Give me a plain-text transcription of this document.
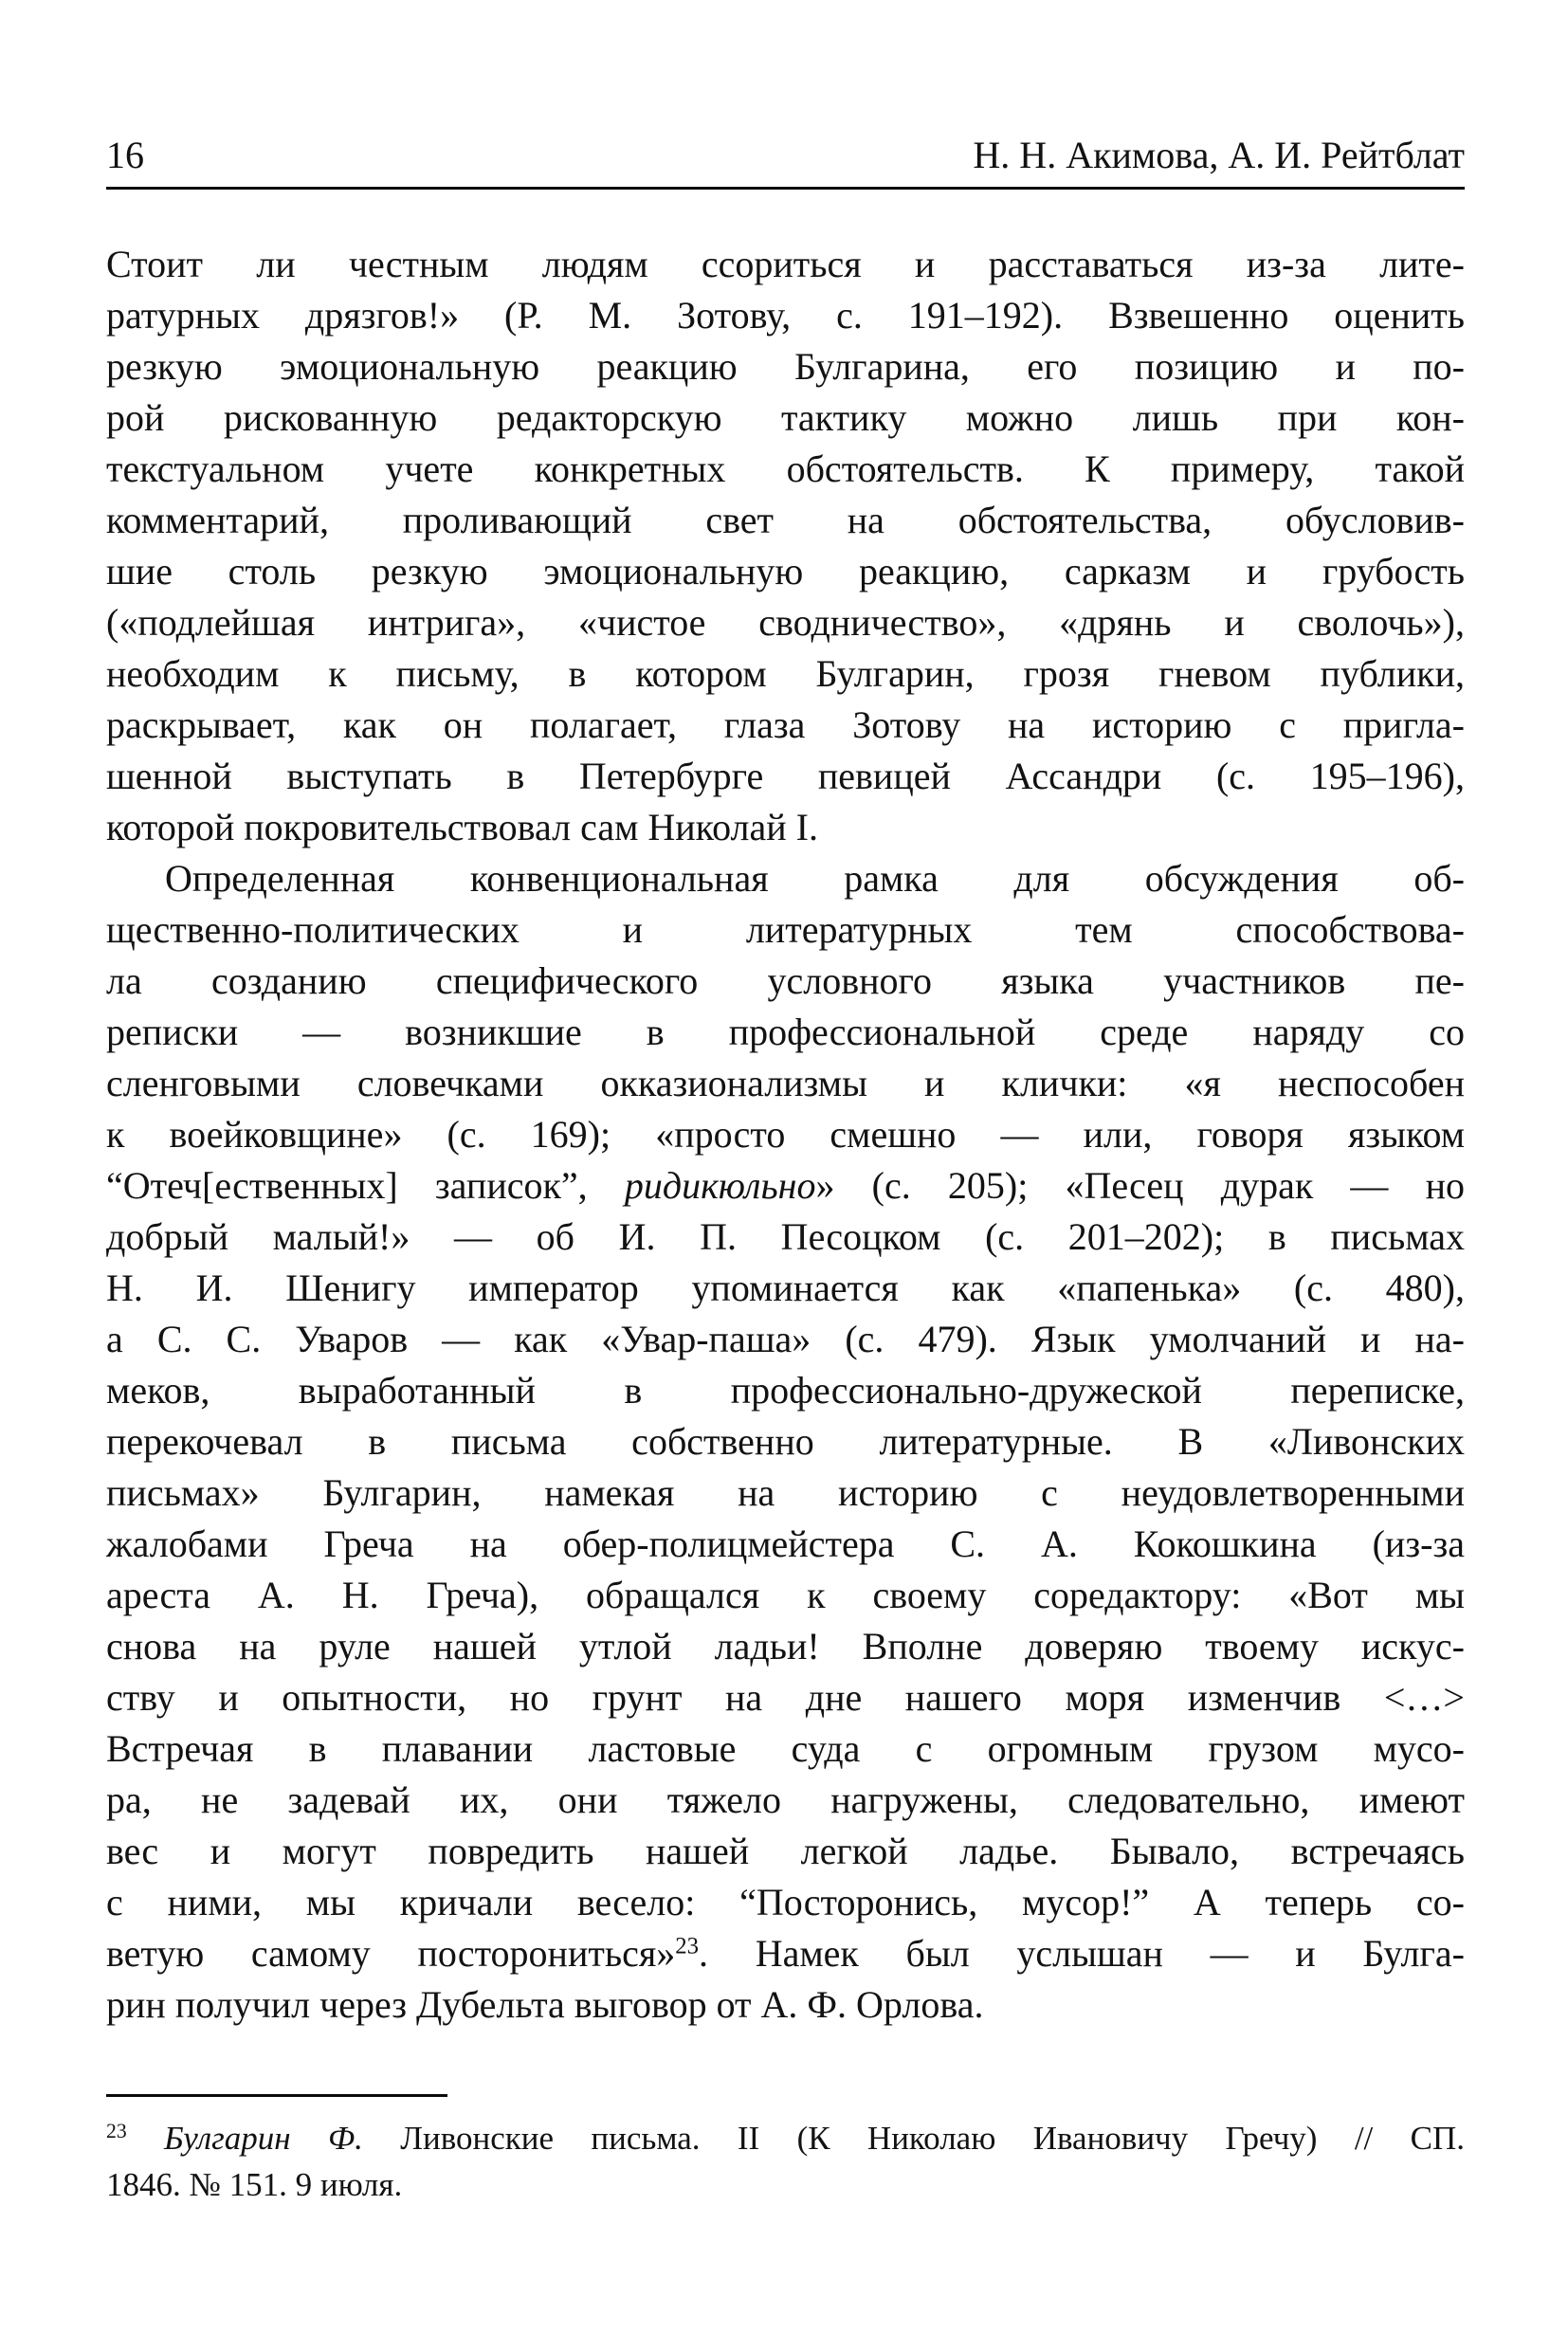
16	Н. Н. Акимова, А. И. Рейтблат
Стоит ли честным людям ссориться и расставаться из-за лите-
ратурных дрязгов!» (Р. М. Зотову, с. 191–192). Взвешенно оценить
резкую эмоциональную реакцию Булгарина, его позицию и по-
рой рискованную редакторскую тактику можно лишь при кон-
текстуальном учете конкретных обстоятельств. К примеру, такой
комментарий, проливающий свет на обстоятельства, обусловив-
шие столь резкую эмоциональную реакцию, сарказм и грубость
(«подлейшая интрига», «чистое сводничество», «дрянь и сволочь»),
необходим к письму, в котором Булгарин, грозя гневом публики,
раскрывает, как он полагает, глаза Зотову на историю с пригла-
шенной выступать в Петербурге певицей Ассандри (с. 195–196),
которой покровительствовал сам Николай I.
Определенная конвенциональная рамка для обсуждения об-
щественно-политических и литературных тем способствова-
ла созданию специфического условного языка участников пе-
реписки — возникшие в профессиональной среде наряду со
сленговыми словечками окказионализмы и клички: «я неспособен
к воейковщине» (с. 169); «просто смешно — или, говоря языком
“Отеч[ественных] записок”, ридикюльно» (с. 205); «Песец дурак — но
добрый малый!» — об И. П. Песоцком (с. 201–202); в письмах
Н. И. Шенигу император упоминается как «папенька» (с. 480),
а С. С. Уваров — как «Увар-паша» (с. 479). Язык умолчаний и на-
меков, выработанный в профессионально-дружеской переписке,
перекочевал в письма собственно литературные. В «Ливонских
письмах» Булгарин, намекая на историю с неудовлетворенными
жалобами Греча на обер-полицмейстера С. А. Кокошкина (из-за
ареста А. Н. Греча), обращался к своему соредактору: «Вот мы
снова на руле нашей утлой ладьи! Вполне доверяю твоему искус-
ству и опытности, но грунт на дне нашего моря изменчив <…>
Встречая в плавании ластовые суда с огромным грузом мусо-
ра, не задевай их, они тяжело нагружены, следовательно, имеют
вес и могут повредить нашей легкой ладье. Бывало, встречаясь
с ними, мы кричали весело: “Посторонись, мусор!” А теперь со-
ветую самому посторониться»$^{23}$. Намек был услышан — и Булга-
рин получил через Дубельта выговор от А. Ф. Орлова.
$^{23}$ Булгарин Ф. Ливонские письма. II (К Николаю Ивановичу Гречу) // СП.
1846. № 151. 9 июля.
